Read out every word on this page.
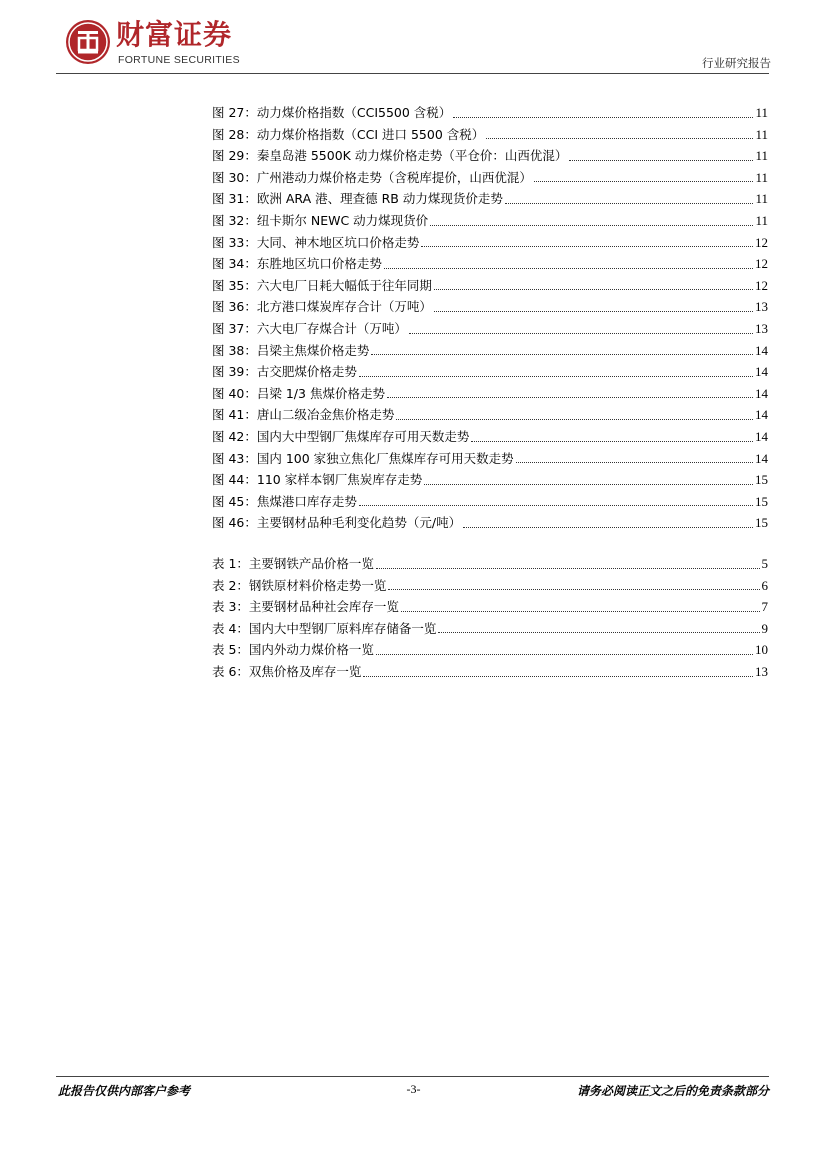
财富证券
FORTUNE SECURITIES	行业研究报告
图 27：动力煤价格指数（CCI5500 含税）	11
图 28：动力煤价格指数（CCI 进口 5500 含税）	11
图 29：秦皇岛港 5500K 动力煤价格走势（平仓价：山西优混）	11
图 30：广州港动力煤价格走势（含税库提价，山西优混）	11
图 31：欧洲 ARA 港、理查德 RB 动力煤现货价走势	11
图 32：纽卡斯尔 NEWC 动力煤现货价	11
图 33：大同、神木地区坑口价格走势	12
图 34：东胜地区坑口价格走势	12
图 35：六大电厂日耗大幅低于往年同期	12
图 36：北方港口煤炭库存合计（万吨）	13
图 37：六大电厂存煤合计（万吨）	13
图 38：吕梁主焦煤价格走势	14
图 39：古交肥煤价格走势	14
图 40：吕梁 1/3 焦煤价格走势	14
图 41：唐山二级冶金焦价格走势	14
图 42：国内大中型钢厂焦煤库存可用天数走势	14
图 43：国内 100 家独立焦化厂焦煤库存可用天数走势	14
图 44：110 家样本钢厂焦炭库存走势	15
图 45：焦煤港口库存走势	15
图 46：主要钢材品种毛利变化趋势（元/吨）	15
表 1：主要钢铁产品价格一览	5
表 2：钢铁原材料价格走势一览	6
表 3：主要钢材品种社会库存一览	7
表 4：国内大中型钢厂原料库存储备一览	9
表 5：国内外动力煤价格一览	10
表 6：双焦价格及库存一览	13
此报告仅供内部客户参考	-3-	请务必阅读正文之后的免责条款部分
